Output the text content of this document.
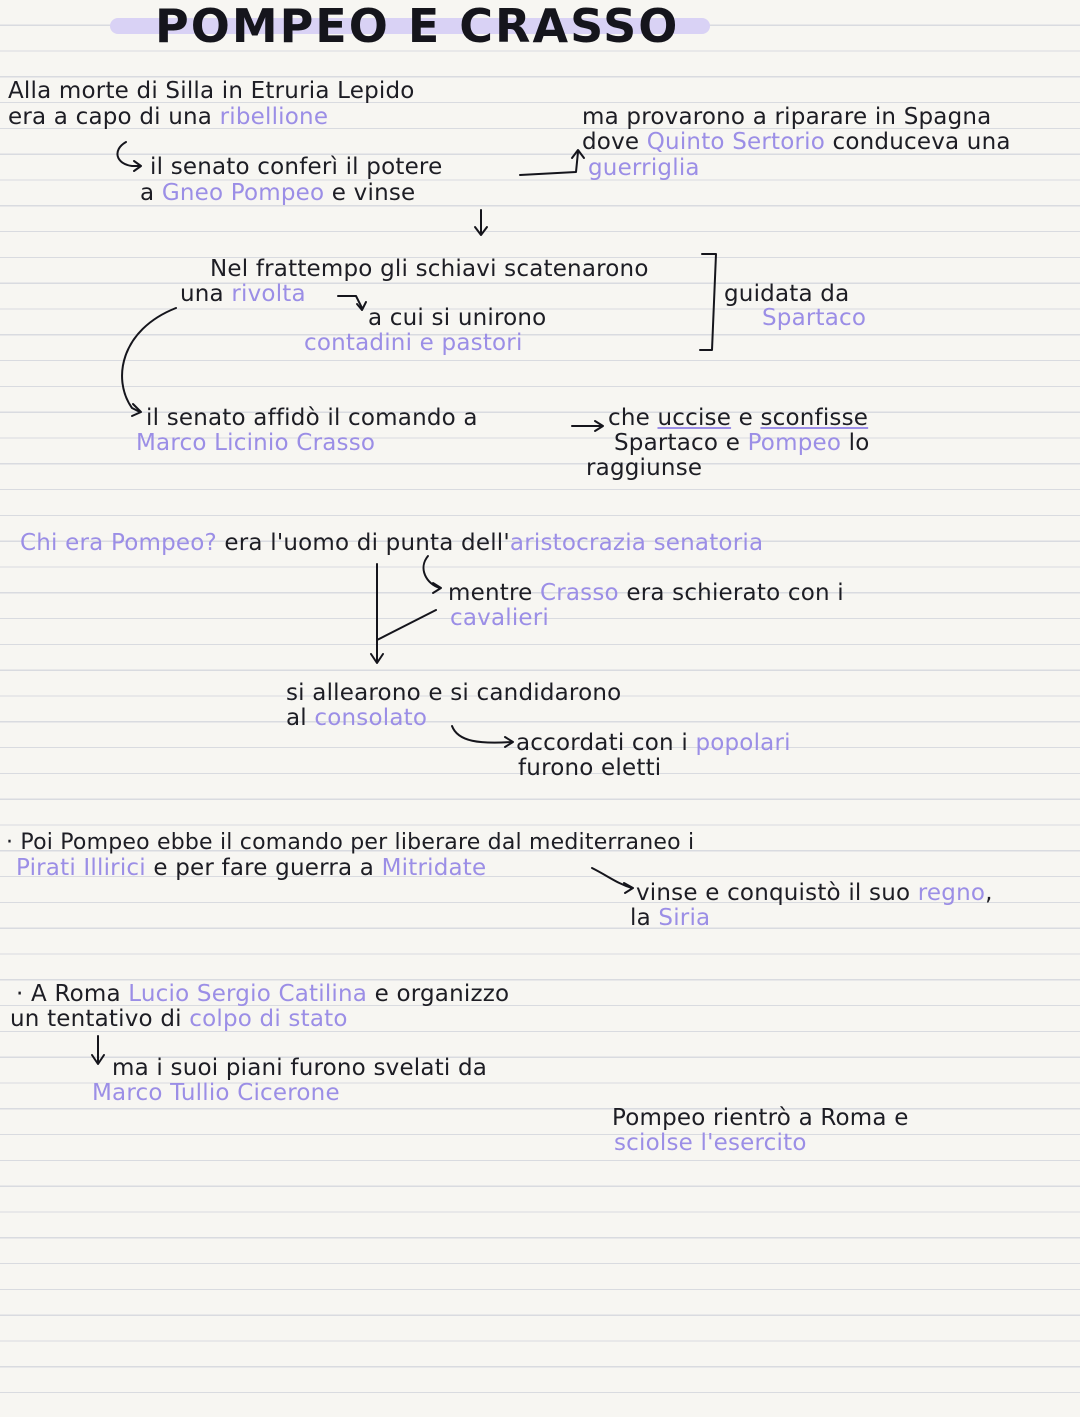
POMPEO E CRASSO
Alla morte di Silla in Etruria Lepido
era a capo di una ribellione
il senato conferì il potere
a Gneo Pompeo e vinse
ma provarono a riparare in Spagna
dove Quinto Sertorio conduceva una
guerriglia
Nel frattempo gli schiavi scatenarono
una rivolta
a cui si unirono
contadini e pastori
guidata da
Spartaco
il senato affidò il comando a
Marco Licinio Crasso
che uccise e sconfisse
Spartaco e Pompeo lo
raggiunse
Chi era Pompeo? era l'uomo di punta dell'aristocrazia senatoria
mentre Crasso era schierato con i
cavalieri
si allearono e si candidarono
al consolato
accordati con i popolari
furono eletti
· Poi Pompeo ebbe il comando per liberare dal mediterraneo i
Pirati Illirici e per fare guerra a Mitridate
vinse e conquistò il suo regno,
la Siria
· A Roma Lucio Sergio Catilina e organizzo
un tentativo di colpo di stato
ma i suoi piani furono svelati da
Marco Tullio Cicerone
Pompeo rientrò a Roma e
sciolse l'esercito
